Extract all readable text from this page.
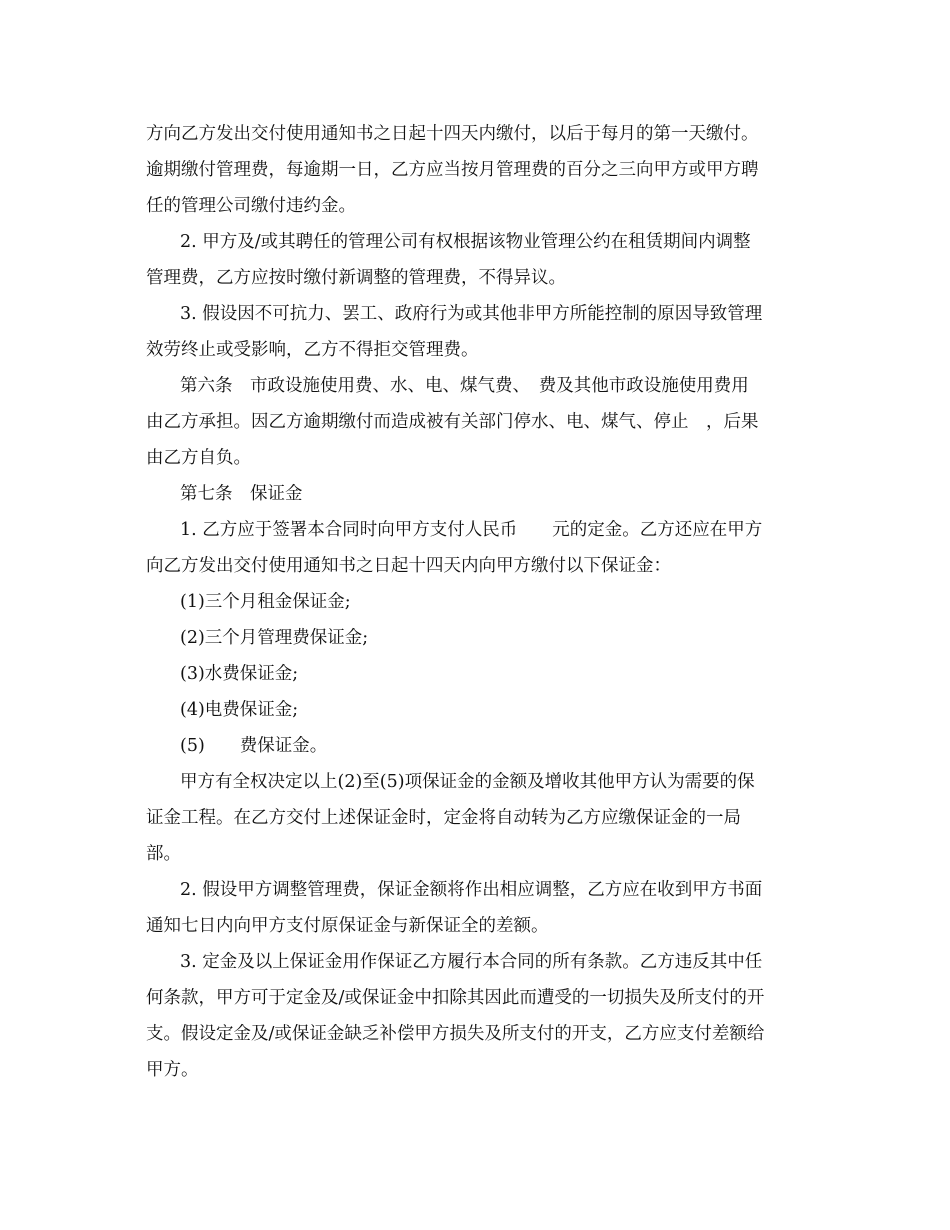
方向乙方发出交付使用通知书之日起十四天内缴付，以后于每月的第一天缴付。

逾期缴付管理费，每逾期一日，乙方应当按月管理费的百分之三向甲方或甲方聘

任的管理公司缴付违约金。

2. 甲方及/或其聘任的管理公司有权根据该物业管理公约在租赁期间内调整

管理费，乙方应按时缴付新调整的管理费，不得异议。

3. 假设因不可抗力、罢工、政府行为或其他非甲方所能控制的原因导致管理

效劳终止或受影响，乙方不得拒交管理费。

第六条　市政设施使用费、水、电、煤气费、　费及其他市政设施使用费用

由乙方承担。因乙方逾期缴付而造成被有关部门停水、电、煤气、停止　，后果

由乙方自负。

第七条　保证金

1. 乙方应于签署本合同时向甲方支付人民币　　元的定金。乙方还应在甲方

向乙方发出交付使用通知书之日起十四天内向甲方缴付以下保证金：

(1)三个月租金保证金;

(2)三个月管理费保证金;

(3)水费保证金;

(4)电费保证金;

(5)　　费保证金。

甲方有全权决定以上(2)至(5)项保证金的金额及增收其他甲方认为需要的保

证金工程。在乙方交付上述保证金时，定金将自动转为乙方应缴保证金的一局

部。

2. 假设甲方调整管理费，保证金额将作出相应调整，乙方应在收到甲方书面

通知七日内向甲方支付原保证金与新保证全的差额。

3. 定金及以上保证金用作保证乙方履行本合同的所有条款。乙方违反其中任

何条款，甲方可于定金及/或保证金中扣除其因此而遭受的一切损失及所支付的开

支。假设定金及/或保证金缺乏补偿甲方损失及所支付的开支，乙方应支付差额给

甲方。
